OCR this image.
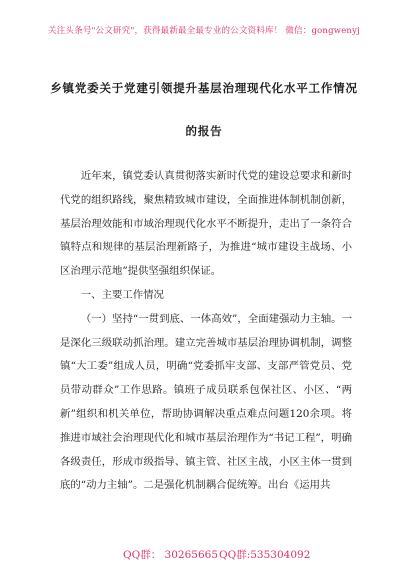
关注头条号"公文研究"，获得最新最全最专业的公文资料库！ 微信：gongwenyj
乡镇党委关于党建引领提升基层治理现代化水平工作情况
的报告

近年来，镇党委认真贯彻落实新时代党的建设总要求和新时代党的组织路线，聚焦精致城市建设，全面推进体制机制创新，基层治理效能和市域治理现代化水平不断提升，走出了一条符合镇特点和规律的基层治理新路子，为推进“城市建设主战场、小区治理示范地”提供坚强组织保证。

一、主要工作情况

（一）坚持“一贯到底、一体高效”，全面建强动力主轴。一是深化三级联动抓治理。建立完善城市基层治理协调机制，调整镇“大工委”组成人员，明确“党委抓牢支部、支部严管党员、党员带动群众”工作思路。镇班子成员联系包保社区、小区、“两新”组织和机关单位，帮助协调解决重点难点问题120余项。将推进市域社会治理现代化和城市基层治理作为“书记工程”，明确各级责任，形成市级指导、镇主管、社区主战，小区主体一贯到底的“动力主轴”。二是强化机制耦合促统筹。出台《运用共

QQ群： 30265665 QQ群:535304092
